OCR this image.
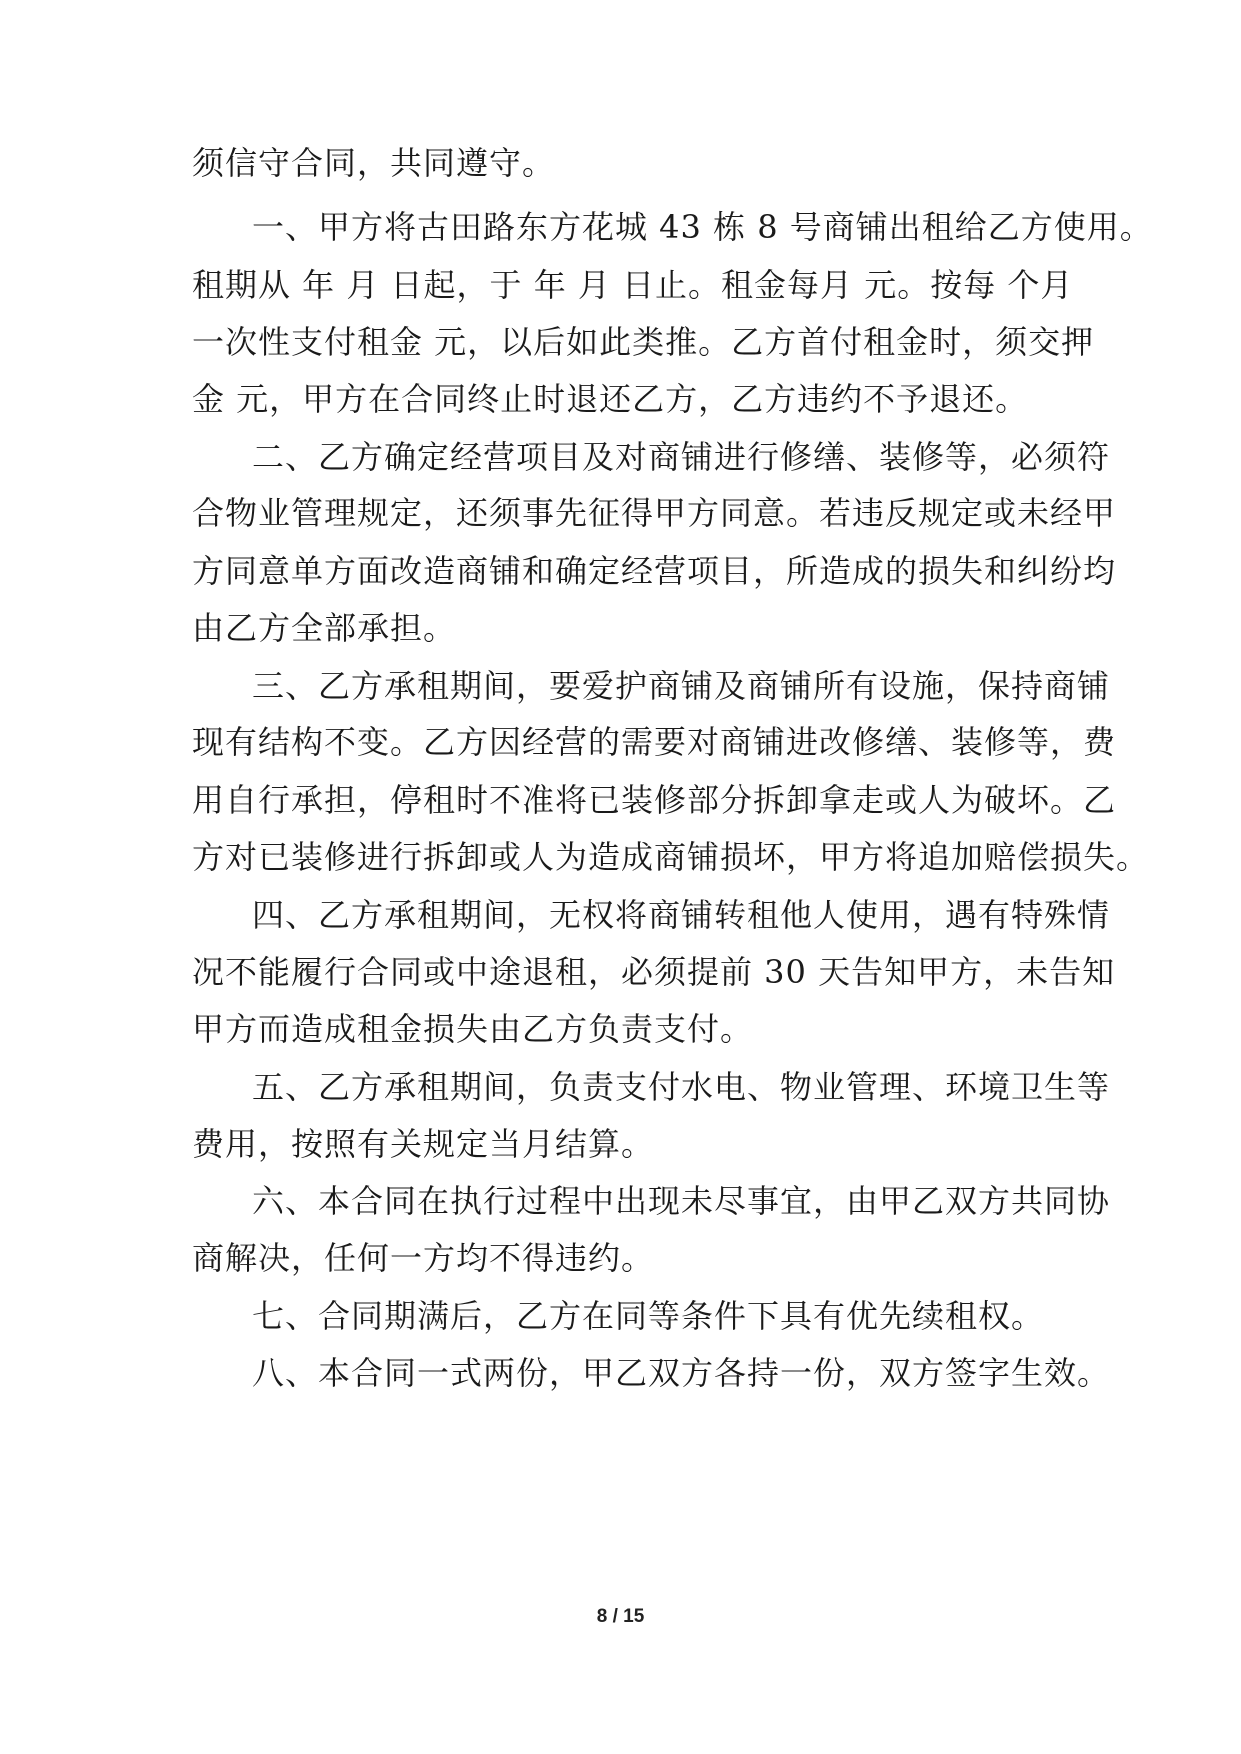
须信守合同，共同遵守。
一、甲方将古田路东方花城 43 栋 8 号商铺出租给乙方使用。
租期从 年 月 日起，于 年 月 日止。租金每月 元。按每 个月
一次性支付租金 元，以后如此类推。乙方首付租金时，须交押
金 元，甲方在合同终止时退还乙方，乙方违约不予退还。
二、乙方确定经营项目及对商铺进行修缮、装修等，必须符
合物业管理规定，还须事先征得甲方同意。若违反规定或未经甲
方同意单方面改造商铺和确定经营项目，所造成的损失和纠纷均
由乙方全部承担。
三、乙方承租期间，要爱护商铺及商铺所有设施，保持商铺
现有结构不变。乙方因经营的需要对商铺进改修缮、装修等，费
用自行承担，停租时不准将已装修部分拆卸拿走或人为破坏。乙
方对已装修进行拆卸或人为造成商铺损坏，甲方将追加赔偿损失。
四、乙方承租期间，无权将商铺转租他人使用，遇有特殊情
况不能履行合同或中途退租，必须提前 30 天告知甲方，未告知
甲方而造成租金损失由乙方负责支付。
五、乙方承租期间，负责支付水电、物业管理、环境卫生等
费用，按照有关规定当月结算。
六、本合同在执行过程中出现未尽事宜，由甲乙双方共同协
商解决，任何一方均不得违约。
七、合同期满后，乙方在同等条件下具有优先续租权。
八、本合同一式两份，甲乙双方各持一份，双方签字生效。
8 / 15
